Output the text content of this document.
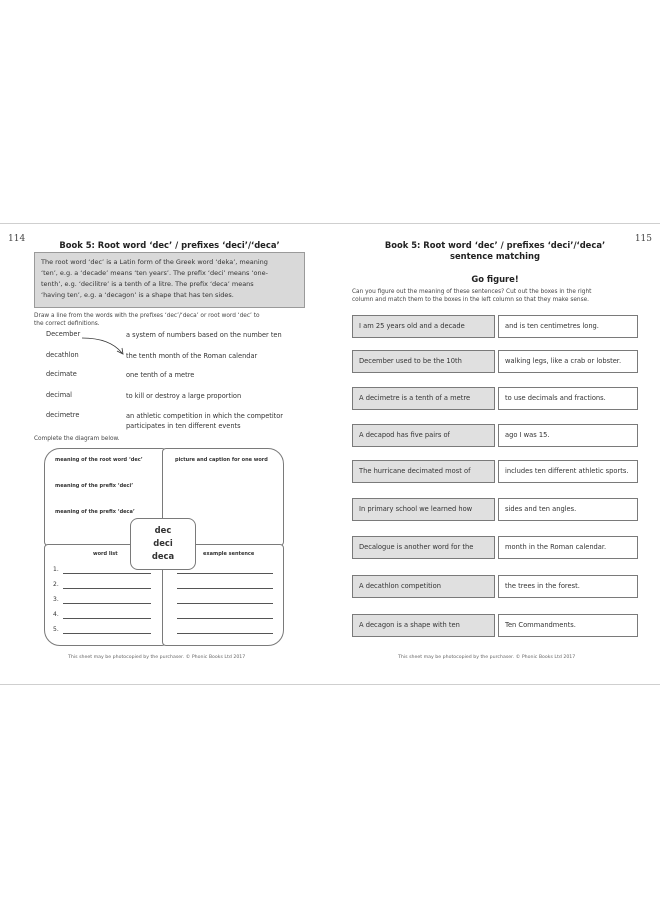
114
Book 5: Root word ‘dec’ / prefixes ‘deci’/‘deca’
The root word ‘dec’ is a Latin form of the Greek word ‘deka’, meaning
‘ten’, e.g. a ‘decade’ means ‘ten years’. The prefix ‘deci’ means ‘one-
tenth’, e.g. ‘decilitre’ is a tenth of a litre. The prefix ‘deca’ means
‘having ten’, e.g. a ‘decagon’ is a shape that has ten sides.
Draw a line from the words with the prefixes ‘dec’/‘deca’ or root word ‘dec’ to
the correct definitions.
December	a system of numbers based on the number ten
decathlon	the tenth month of the Roman calendar
decimate	one tenth of a metre
decimal	to kill or destroy a large proportion
decimetre	an athletic competition in which the competitor
participates in ten different events
Complete the diagram below.
meaning of the root word ‘dec’
meaning of the prefix ‘deci’
meaning of the prefix ‘deca’
picture and caption for one word
word list
1.
2.
3.
4.
5.
example sentence
dec
deci
deca
This sheet may be photocopied by the purchaser. © Phonic Books Ltd 2017
115
Book 5: Root word ‘dec’ / prefixes ‘deci’/‘deca’
sentence matching
Go figure!
Can you figure out the meaning of these sentences? Cut out the boxes in the right
column and match them to the boxes in the left column so that they make sense.
I am 25 years old and a decade	and is ten centimetres long.
December used to be the 10th	walking legs, like a crab or lobster.
A decimetre is a tenth of a metre	to use decimals and fractions.
A decapod has five pairs of	ago I was 15.
The hurricane decimated most of	includes ten different athletic sports.
In primary school we learned how	sides and ten angles.
Decalogue is another word for the	month in the Roman calendar.
A decathlon competition	the trees in the forest.
A decagon is a shape with ten	Ten Commandments.
This sheet may be photocopied by the purchaser. © Phonic Books Ltd 2017
